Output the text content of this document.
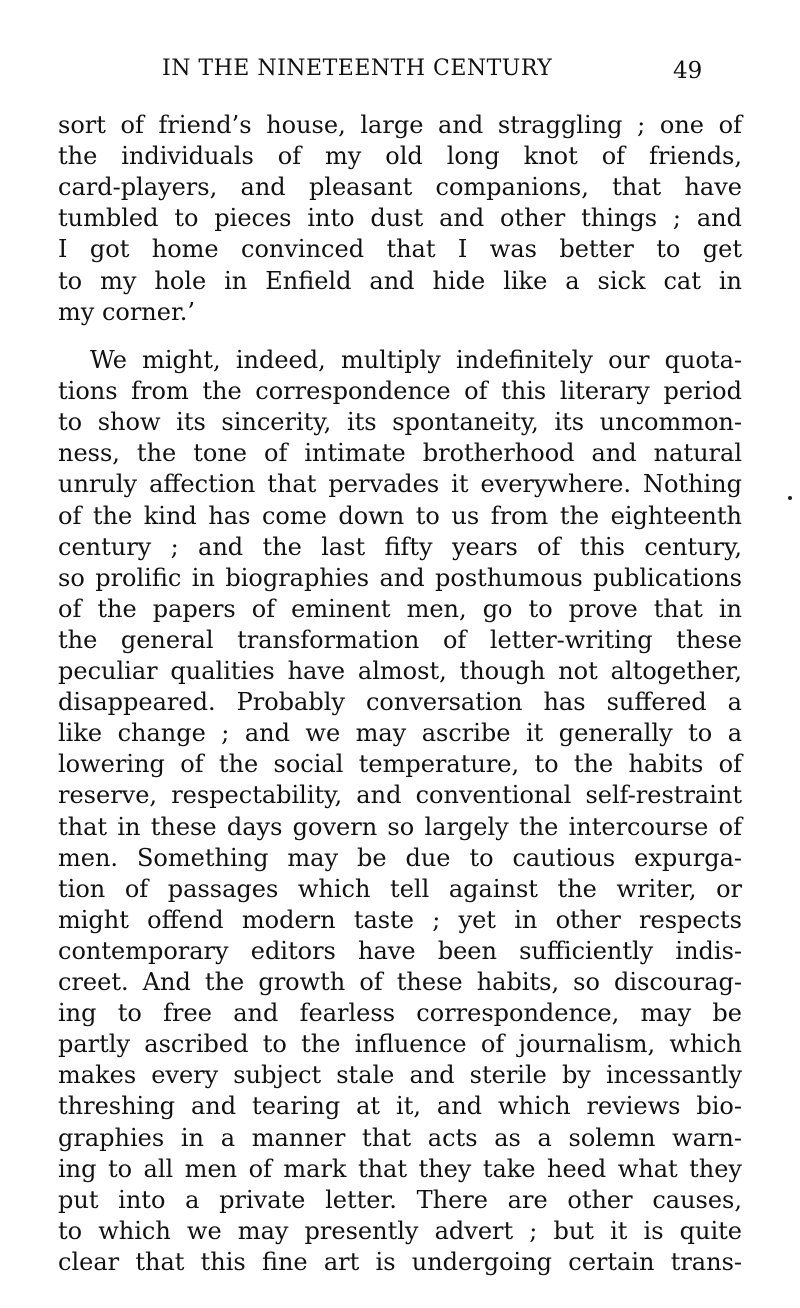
IN THE NINETEENTH CENTURY	49
sort of friend’s house, large and straggling ; one of
the individuals of my old long knot of friends,
card-players, and pleasant companions, that have
tumbled to pieces into dust and other things ; and
I got home convinced that I was better to get
to my hole in Enfield and hide like a sick cat in
my corner.’
We might, indeed, multiply indefinitely our quota-
tions from the correspondence of this literary period
to show its sincerity, its spontaneity, its uncommon-
ness, the tone of intimate brotherhood and natural
unruly affection that pervades it everywhere. Nothing
of the kind has come down to us from the eighteenth
century ; and the last fifty years of this century,
so prolific in biographies and posthumous publications
of the papers of eminent men, go to prove that in
the general transformation of letter-writing these
peculiar qualities have almost, though not altogether,
disappeared. Probably conversation has suffered a
like change ; and we may ascribe it generally to a
lowering of the social temperature, to the habits of
reserve, respectability, and conventional self-restraint
that in these days govern so largely the intercourse of
men. Something may be due to cautious expurga-
tion of passages which tell against the writer, or
might offend modern taste ; yet in other respects
contemporary editors have been sufficiently indis-
creet. And the growth of these habits, so discourag-
ing to free and fearless correspondence, may be
partly ascribed to the influence of journalism, which
makes every subject stale and sterile by incessantly
threshing and tearing at it, and which reviews bio-
graphies in a manner that acts as a solemn warn-
ing to all men of mark that they take heed what they
put into a private letter. There are other causes,
to which we may presently advert ; but it is quite
clear that this fine art is undergoing certain trans-
